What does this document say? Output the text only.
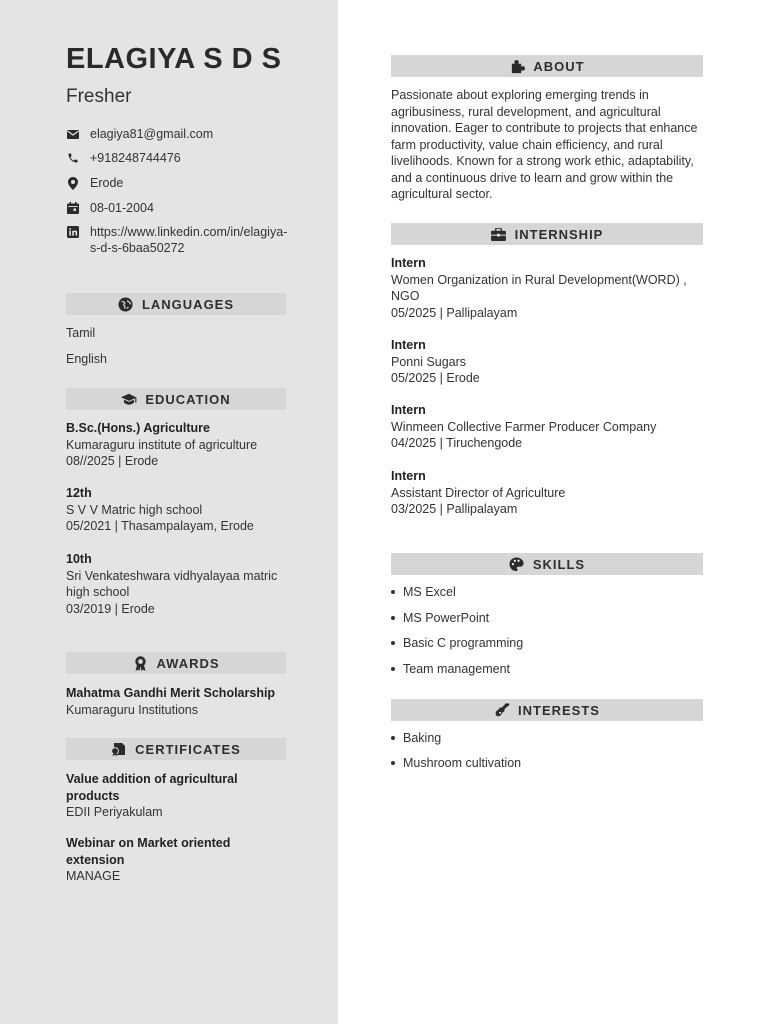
ELAGIYA S D S
Fresher
elagiya81@gmail.com
+918248744476
Erode
08-01-2004
https://www.linkedin.com/in/elagiya-s-d-s-6baa50272
LANGUAGES
Tamil
English
EDUCATION
B.Sc.(Hons.) Agriculture
Kumaraguru institute of agriculture
08//2025 | Erode
12th
S V V Matric high school
05/2021 | Thasampalayam, Erode
10th
Sri Venkateshwara vidhyalayaa matric high school
03/2019 | Erode
AWARDS
Mahatma Gandhi Merit Scholarship
Kumaraguru Institutions
CERTIFICATES
Value addition of agricultural products
EDII Periyakulam
Webinar on Market oriented extension
MANAGE
ABOUT
Passionate about exploring emerging trends in agribusiness, rural development, and agricultural innovation. Eager to contribute to projects that enhance farm productivity, value chain efficiency, and rural livelihoods. Known for a strong work ethic, adaptability, and a continuous drive to learn and grow within the agricultural sector.
INTERNSHIP
Intern
Women Organization in Rural Development(WORD) , NGO
05/2025 | Pallipalayam
Intern
Ponni Sugars
05/2025 | Erode
Intern
Winmeen Collective Farmer Producer Company
04/2025 | Tiruchengode
Intern
Assistant Director of Agriculture
03/2025 | Pallipalayam
SKILLS
MS Excel
MS PowerPoint
Basic C programming
Team management
INTERESTS
Baking
Mushroom cultivation
